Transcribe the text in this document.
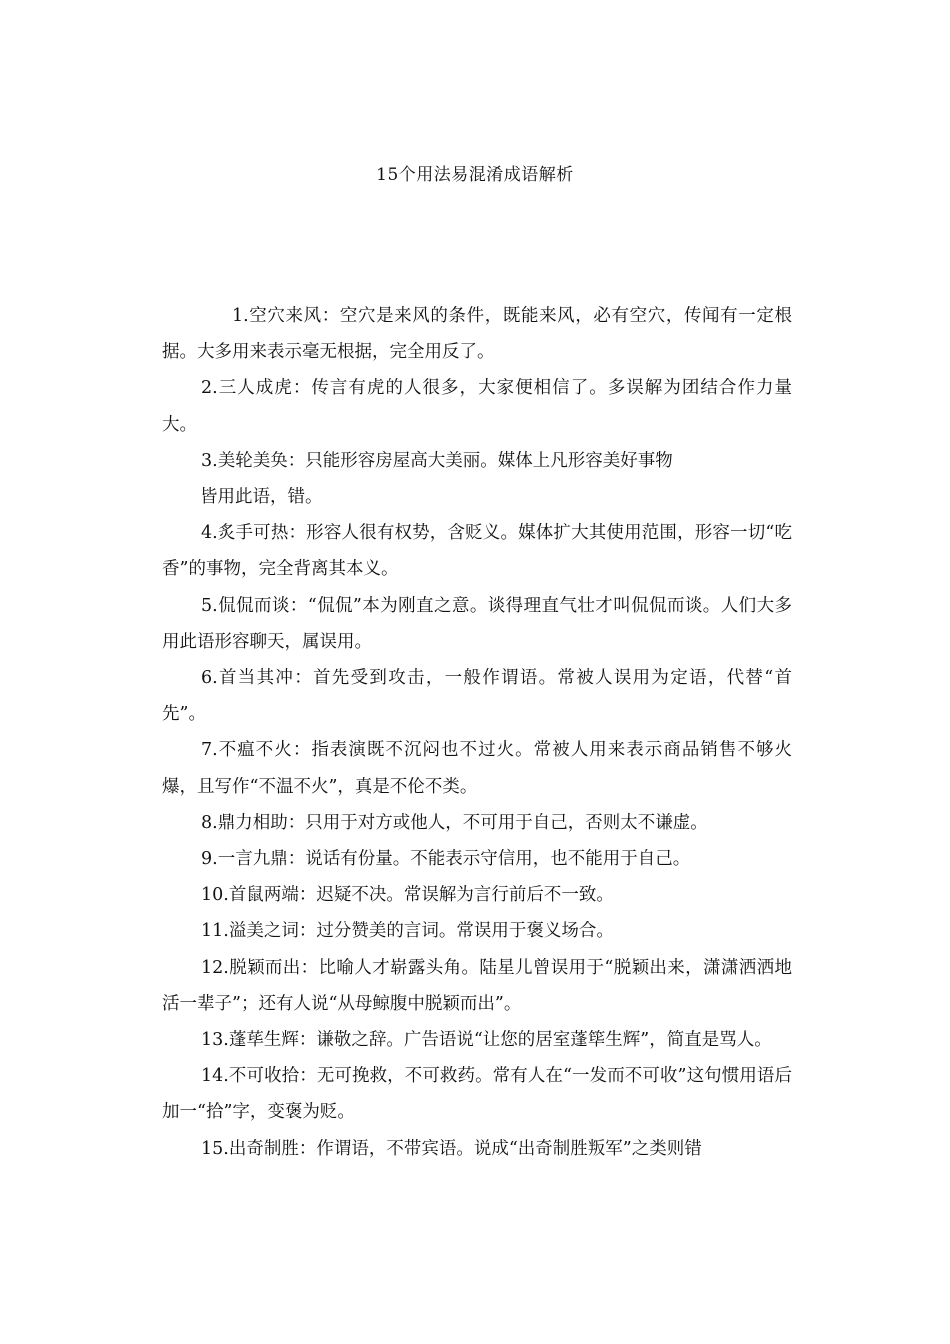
15个用法易混淆成语解析

1.空穴来风：空穴是来风的条件，既能来风，必有空穴，传闻有一定根据。大多用来表示毫无根据，完全用反了。

2.三人成虎：传言有虎的人很多，大家便相信了。多误解为团结合作力量大。

3.美轮美奂：只能形容房屋高大美丽。媒体上凡形容美好事物
皆用此语，错。

4.炙手可热：形容人很有权势，含贬义。媒体扩大其使用范围，形容一切“吃香”的事物，完全背离其本义。

5.侃侃而谈：“侃侃”本为刚直之意。谈得理直气壮才叫侃侃而谈。人们大多用此语形容聊天，属误用。

6.首当其冲：首先受到攻击，一般作谓语。常被人误用为定语，代替“首先”。

7.不瘟不火：指表演既不沉闷也不过火。常被人用来表示商品销售不够火爆，且写作“不温不火”，真是不伦不类。

8.鼎力相助：只用于对方或他人，不可用于自己，否则太不谦虚。

9.一言九鼎：说话有份量。不能表示守信用，也不能用于自己。

10.首鼠两端：迟疑不决。常误解为言行前后不一致。

11.溢美之词：过分赞美的言词。常误用于褒义场合。

12.脱颖而出：比喻人才崭露头角。陆星儿曾误用于“脱颖出来，潇潇洒洒地活一辈子”；还有人说“从母鲸腹中脱颖而出”。

13.蓬荜生辉：谦敬之辞。广告语说“让您的居室蓬筚生辉”，简直是骂人。

14.不可收拾：无可挽救，不可救药。常有人在“一发而不可收”这句惯用语后加一“拾”字，变褒为贬。

15.出奇制胜：作谓语，不带宾语。说成“出奇制胜叛军”之类则错
